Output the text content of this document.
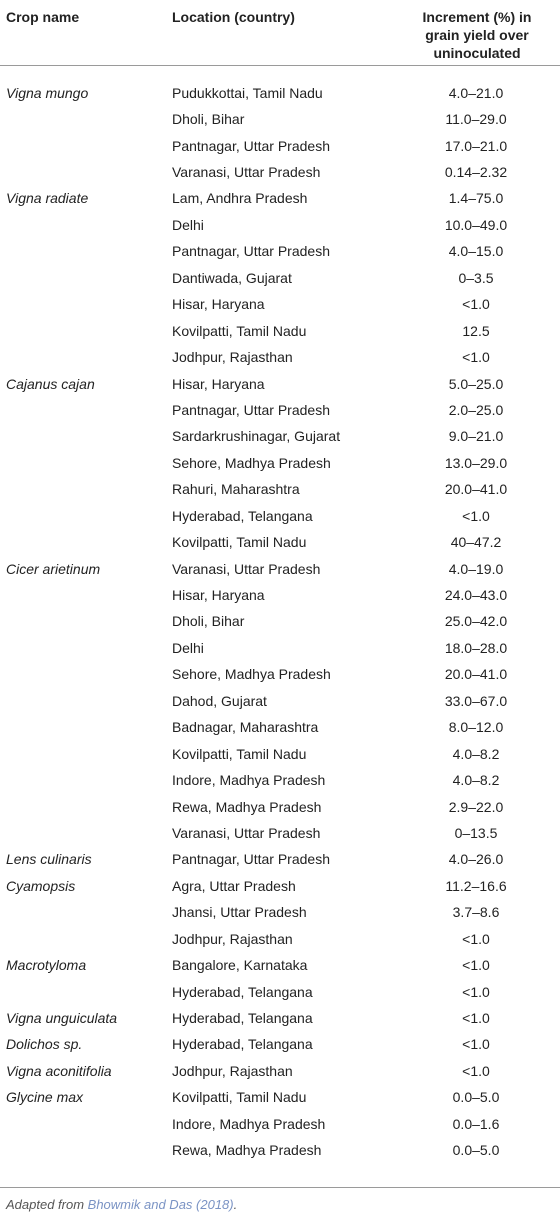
Crop name	Location (country)	Increment (%) in
grain yield over
uninoculated

Vigna mungo	Pudukkottai, Tamil Nadu	4.0–21.0
	Dholi, Bihar	11.0–29.0
	Pantnagar, Uttar Pradesh	17.0–21.0
	Varanasi, Uttar Pradesh	0.14–2.32
Vigna radiate	Lam, Andhra Pradesh	1.4–75.0
	Delhi	10.0–49.0
	Pantnagar, Uttar Pradesh	4.0–15.0
	Dantiwada, Gujarat	0–3.5
	Hisar, Haryana	<1.0
	Kovilpatti, Tamil Nadu	12.5
	Jodhpur, Rajasthan	<1.0
Cajanus cajan	Hisar, Haryana	5.0–25.0
	Pantnagar, Uttar Pradesh	2.0–25.0
	Sardarkrushinagar, Gujarat	9.0–21.0
	Sehore, Madhya Pradesh	13.0–29.0
	Rahuri, Maharashtra	20.0–41.0
	Hyderabad, Telangana	<1.0
	Kovilpatti, Tamil Nadu	40–47.2
Cicer arietinum	Varanasi, Uttar Pradesh	4.0–19.0
	Hisar, Haryana	24.0–43.0
	Dholi, Bihar	25.0–42.0
	Delhi	18.0–28.0
	Sehore, Madhya Pradesh	20.0–41.0
	Dahod, Gujarat	33.0–67.0
	Badnagar, Maharashtra	8.0–12.0
	Kovilpatti, Tamil Nadu	4.0–8.2
	Indore, Madhya Pradesh	4.0–8.2
	Rewa, Madhya Pradesh	2.9–22.0
	Varanasi, Uttar Pradesh	0–13.5
Lens culinaris	Pantnagar, Uttar Pradesh	4.0–26.0
Cyamopsis	Agra, Uttar Pradesh	11.2–16.6
	Jhansi, Uttar Pradesh	3.7–8.6
	Jodhpur, Rajasthan	<1.0
Macrotyloma	Bangalore, Karnataka	<1.0
	Hyderabad, Telangana	<1.0
Vigna unguiculata	Hyderabad, Telangana	<1.0
Dolichos sp.	Hyderabad, Telangana	<1.0
Vigna aconitifolia	Jodhpur, Rajasthan	<1.0
Glycine max	Kovilpatti, Tamil Nadu	0.0–5.0
	Indore, Madhya Pradesh	0.0–1.6
	Rewa, Madhya Pradesh	0.0–5.0
Adapted from Bhowmik and Das (2018).
